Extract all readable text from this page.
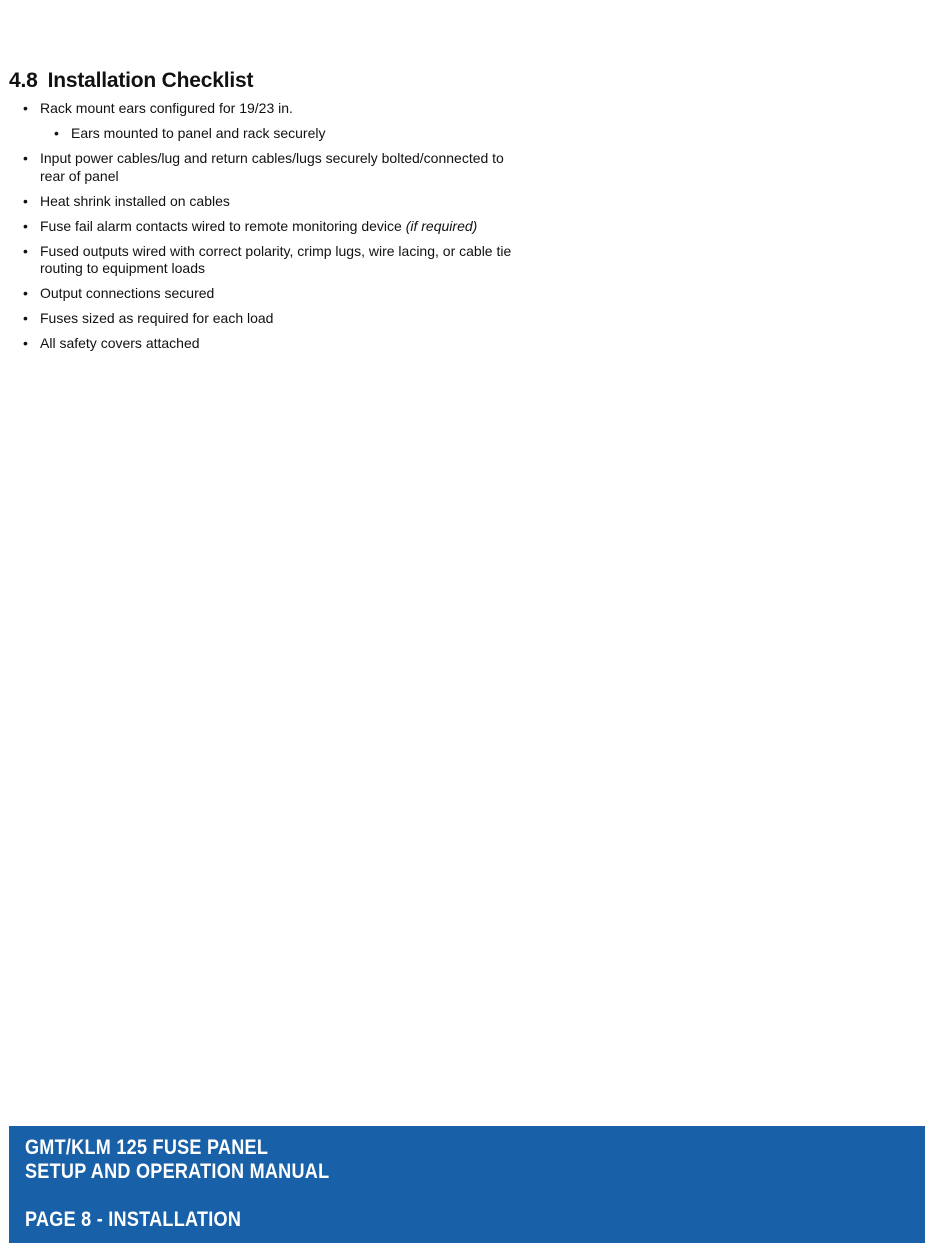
4.8 Installation Checklist
• Rack mount ears configured for 19/23 in.
• Ears mounted to panel and rack securely
• Input power cables/lug and return cables/lugs securely bolted/connected to rear of panel
• Heat shrink installed on cables
• Fuse fail alarm contacts wired to remote monitoring device (if required)
• Fused outputs wired with correct polarity, crimp lugs, wire lacing, or cable tie routing to equipment loads
• Output connections secured
• Fuses sized as required for each load
• All safety covers attached
GMT/KLM 125 FUSE PANEL
SETUP AND OPERATION MANUAL
PAGE 8 - INSTALLATION
